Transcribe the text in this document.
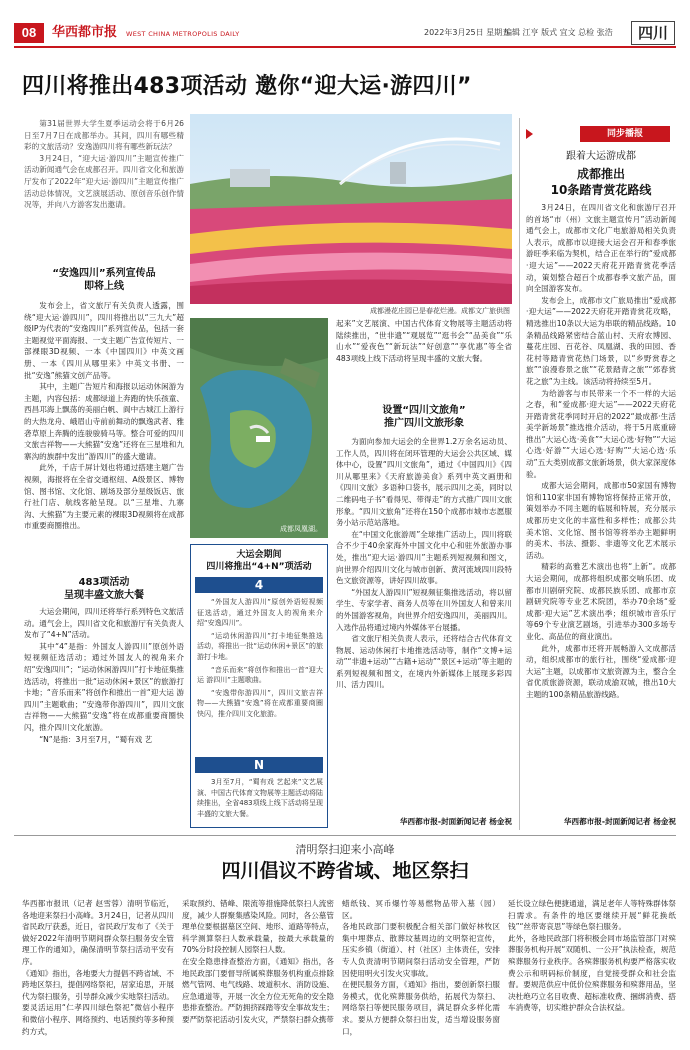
08	华西都市报 WEST CHINA METROPOLIS DAILY	2022年3月25日 星期五
编辑 江亨 版式 宜文 总检 张浩	四川
四川将推出483项活动 邀你“迎大运·游四川”

第31届世界大学生夏季运动会将于6月26日至7月7日在成都举办。其间，四川有哪些精彩的文旅活动？安逸游四川将有哪些新玩法？

3月24日，“迎大运·游四川”主题宣传推广活动新闻通气会在成都召开。四川省文化和旅游厅发布了2022年“迎大运·游四川”主题宣传推广活动总体情况，文艺演展活动、原创音乐创作情况等，并向八方游客发出邀请。

“安逸四川”系列宣传品
即将上线

发布会上，省文旅厅有关负责人透露，围绕“迎大运·游四川”，四川将推出以“三九大”超级IP为代表的“安逸四川”系列宣传品，包括一套主题视觉平面海报、一支主题广告宣传短片、一部裸眼3D视频、一本《中国四川》中英文画册、一本《四川从哪里来》中英文书册、一批“安逸”熊猫文创产品等。

其中，主题广告短片和海报以运动休闲游为主题，内容包括：成都绿道上奔跑的快乐孩童、西昌邛海上飘荡的美丽白帆、阆中古城江上游行的大热龙舟、峨眉山寺前前舞动的飘逸武者、雅砻草原上奔腾的连骏骏骑马等。整合可爱的四川文旅吉祥物——大熊猫“安逸”还将在三星堆和九寨沟的族群中发出“游四川”的盛大邀请。

此外，千店千屏计划也将通过搭建主题广告视频，海报将在全省交通枢纽、A级景区、博物馆、图书馆、文化馆、剧场及部分星级饭店、旅行社门店、航线客舱呈现。以“三星堆、九寨沟、大熊猫”为主要元素的裸眼3D视频将在成都市重要商圈推出。

483项活动
呈现丰盛文旅大餐

大运会期间，四川还将举行系列特色文旅活动。通气会上，四川省文化和旅游厅有关负责人发布了“4+N”活动。

其中“4”是指：外国友人游四川”原创外语短视频征选活动；通过外国友人的视角来介绍“安逸四川”；“运动休闲游四川”打卡地征集推选活动，将推出一批“运动休闲+景区”的旅游打卡地；“音乐而来”将创作和推出一首“迎大运 游四川”主题歌曲；“安逸带你游四川”，四川文旅吉祥物——大熊猫“安逸”将在成都重要商圈快闪，推介四川文化旅游。

“N”是指：3月至7月，“蜀有戏 艺

成都漫花庄园已是春花烂漫。成都文广旅供图
成都凤凰湖。
大运会期间
四川将推出“4+N”项活动
4

“外国友人游四川”原创外语短视频征选活动，通过外国友人的视角来介绍“安逸四川”。

“运动休闲游四川”打卡地征集推选活动，将推出一批“运动休闲+景区”的旅游打卡地。

“音乐而来”将创作和推出一首“迎大运 游四川”主题歌曲。

“安逸带你游四川”，四川文旅吉祥物——大熊猫“安逸”将在成都重要商圈快闪，推介四川文化旅游。

N
3月至7月，“蜀有戏 艺起来”文艺展演、中国古代体育文物展等主题活动将陆续推出，全省483项线上线下活动将呈现丰盛的文旅大餐。

起来”文艺展演、中国古代体育文物展等主题活动将陆续推出，“世非遗”“观展览”“逛书会”“品美食”“乐山水”“爱夜色”“新玩法”“好创意”“享优惠”等全省483项线上线下活动将呈现丰盛的文旅大餐。

设置“四川文旅角”
推广四川文旅形象

为面向参加大运会的全世界1.2万余名运动员、工作人员，四川将在闭环管理的大运会公共区域、媒体中心，设置“四川文旅角”，通过《中国四川》《四川从哪里来》《天府旅游美食》系列中英文画册和《四川文旅》多语种口袋书，展示四川之美，同时以二维码电子书“看得见、带得走”的方式推广四川文旅形象。“四川文旅角”还将在150个成都市城市志愿服务小站示范站落地。

在“中国文化旅游周”全球推广活动上，四川将联合不少于40余家海外中国文化中心和驻外旅游办事处，推出“迎大运·游四川”主题系列短视频和图文，向世界介绍四川文化与城市创新、黄河流域四川段特色文旅资源等，讲好四川故事。

“外国友人游四川”短视频征集推选活动，将以留学生、专家学者、商务人员等在川外国友人和曾来川的外国游客视角，向世界介绍安逸四川，美丽四川。入选作品将通过境内外媒体平台展播。

省文旅厅相关负责人表示，还将结合古代体育文物展、运动休闲打卡地推选活动等，制作“文博+运动”“非遗+运动”“古籍+运动”“景区+运动”等主题的系列短视频和图文，在境内外新媒体上展现多彩四川、活力四川。

华西都市报-封面新闻记者 杨金祝
同步播报
跟着大运游成都
成都推出
10条踏青赏花路线

3月24日，在四川省文化和旅游厅召开的首场“市（州）文旅主题宣传月”活动新闻通气会上，成都市文化广电旅游局相关负责人表示，成都市以迎接大运会召开和春季旅游旺季来临为契机，结合正在举行的“爱成都·迎大运”——2022天府花开踏青赏花季活动，策划整合超百个成都春季文旅产品，面向全国游客发布。

发布会上，成都市文广旅局推出“爱成都·迎大运”——2022天府花开踏青赏花攻略，精选推出10条以大运为串联的精品线路。10条精品线路紧密结合蓝山村、天府农博园、蔓花庄园、百花谷、凤凰湖、我的田园、香花村等踏青赏花热门场景，以“乡野赏春之旅”“浪漫春景之旅”“花景踏青之旅”“郊春赏花之旅”为主线。该活动将持续至5月。

为给游客与市民带来一个不一样的大运之春，和“爱成都·迎大运”——2022天府花开踏青赏花季同时开启的2022“最成都·生活美学新场景”推选推介活动，将于5月底重磅推出“大运心选·美食”“大运心选·好物”“大运心选·好游”“大运心选·好购”“大运心选·乐动”五大类别成都文旅新场景，供大家深度体验。

成都大运会期间，成都市50家国有博物馆和110家非国有博物馆将保持正常开放，策划举办不同主题的临展和特展，充分展示成都历史文化的丰富性和多样性；成都公共美术馆、文化馆、图书馆等将举办主题鲜明的美术、书法、摄影、非遗等文化艺术展示活动。

精彩的高雅艺术演出也将“上新”。成都大运会期间，成都将组织成都交响乐团、成都市川剧研究院、成都民族乐团、成都市京剧研究院等专业艺术院团，举办70余场“爱成都·迎大运”艺术演出季；组织城市音乐厅等69个专业演艺剧场，引进举办300多场专业化、高品位的商业演出。

此外，成都市还将开展畅游入文成都活动，组织成都市的旅行社，围绕“爱成都·迎大运”主题，以成都市文旅资源为主，整合全省优质旅游资源，联动成渝双城，推出10大主题的100条精品旅游线路。

华西都市报-封面新闻记者 杨金祝
清明祭扫迎来小高峰
四川倡议不跨省域、地区祭扫
华西都市报讯（记者 赵雪蓉）清明节临近，各地迎来祭扫小高峰。3月24日，记者从四川省民政厅获悉，近日，省民政厅发布了《关于做好2022年清明节期间群众祭扫服务安全管理工作的通知》，确保清明节祭扫活动平安有序。
《通知》指出，各地要大力提倡不跨省域、不跨地区祭扫，提倡网络祭祀，居家追思，开展代为祭扫服务，引导群众减少实地祭扫活动。要灵活运用“仁孝四川绿色祭祀”微信小程序和微信小程序、网络预约、电话预约等多种预约方式，
采取预约、错峰、限流等措施降低祭扫人流密度，减少人群聚集感染风险。同时，各公墓管理单位要根据墓区空间、地形、道路等特点，科学测算祭扫人数承载量，按最大承载量的70%分时段控制人园祭扫人数。
在安全隐患排查整治方面，《通知》指出，各地民政部门要督导所属殡葬服务机构重点排除燃气管网、电气线路、坡道积水、消防设施、应急通道等，开展一次全方位无死角的安全隐患排查整治。严防拥挤踩踏等安全事故发生；要严防祭祀活动引发火灾，严禁祭扫群众携带
蜡纸钱、冥币爆竹等易燃物品带入墓（园）区。
各地民政部门要积极配合相关部门做好林牧区集中埋葬点、散葬坟墓周边的文明祭祀宣传，压实乡镇（街道）、村（社区）主体责任，安排专人负责清明节期间祭扫活动安全管理，严防因使用明火引发火灾事故。
在便民服务方面，《通知》指出，要创新祭扫服务模式，优化殡葬服务供给，拓展代为祭扫、网络祭扫等便民服务项目，满足群众多样化需求。要从方便群众祭扫出发，适当增设服务窗口，
延长设立绿色便捷通道，满足老年人等特殊群体祭扫需求。有条件的地区要继续开展“鲜花换纸钱”“丝带寄哀思”等绿色祭扫服务。
此外，各地民政部门将积极会同市场监管部门对殡葬服务机构开展“双随机、一公开”执法检查，规范殡葬服务行业秩序。各殡葬服务机构要严格落实收费公示和明码标价制度，自觉接受群众和社会监督。要规范供应中低价位殡葬服务和殡葬用品，坚决杜绝巧立名目收费、超标准收费、捆绑消费、搭车消费等，切实维护群众合法权益。
